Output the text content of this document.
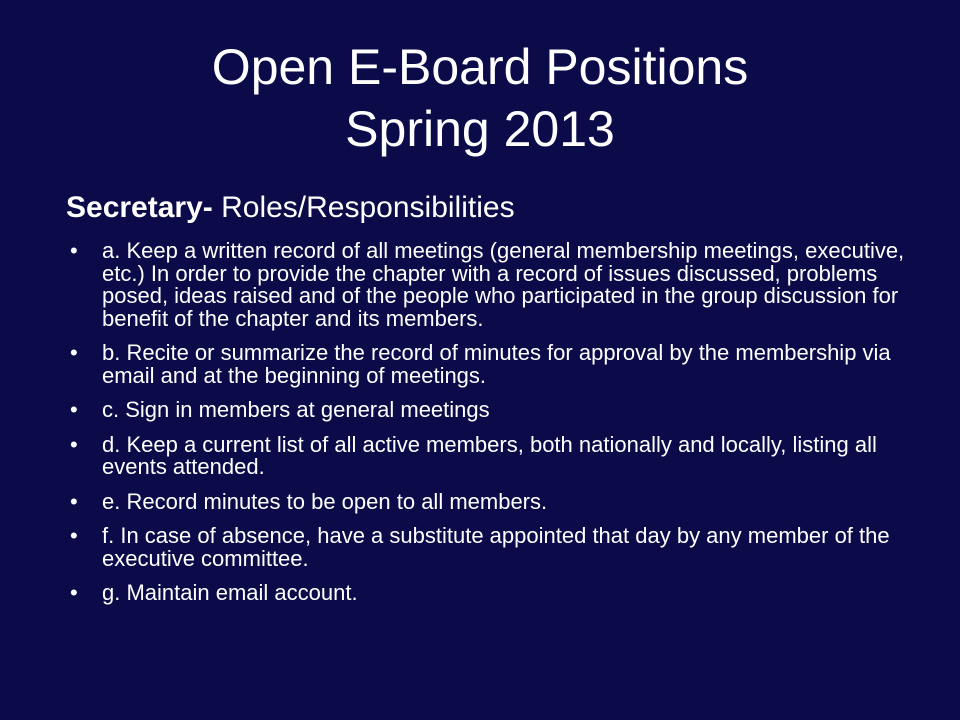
Open E-Board Positions
Spring 2013

Secretary- Roles/Responsibilities

• a. Keep a written record of all meetings (general membership meetings, executive, etc.) In order to provide the chapter with a record of issues discussed, problems posed, ideas raised and of the people who participated in the group discussion for benefit of the chapter and its members.
• b. Recite or summarize the record of minutes for approval by the membership via email and at the beginning of meetings.
• c. Sign in members at general meetings
• d. Keep a current list of all active members, both nationally and locally, listing all events attended.
• e. Record minutes to be open to all members.
• f. In case of absence, have a substitute appointed that day by any member of the executive committee.
• g. Maintain email account.
